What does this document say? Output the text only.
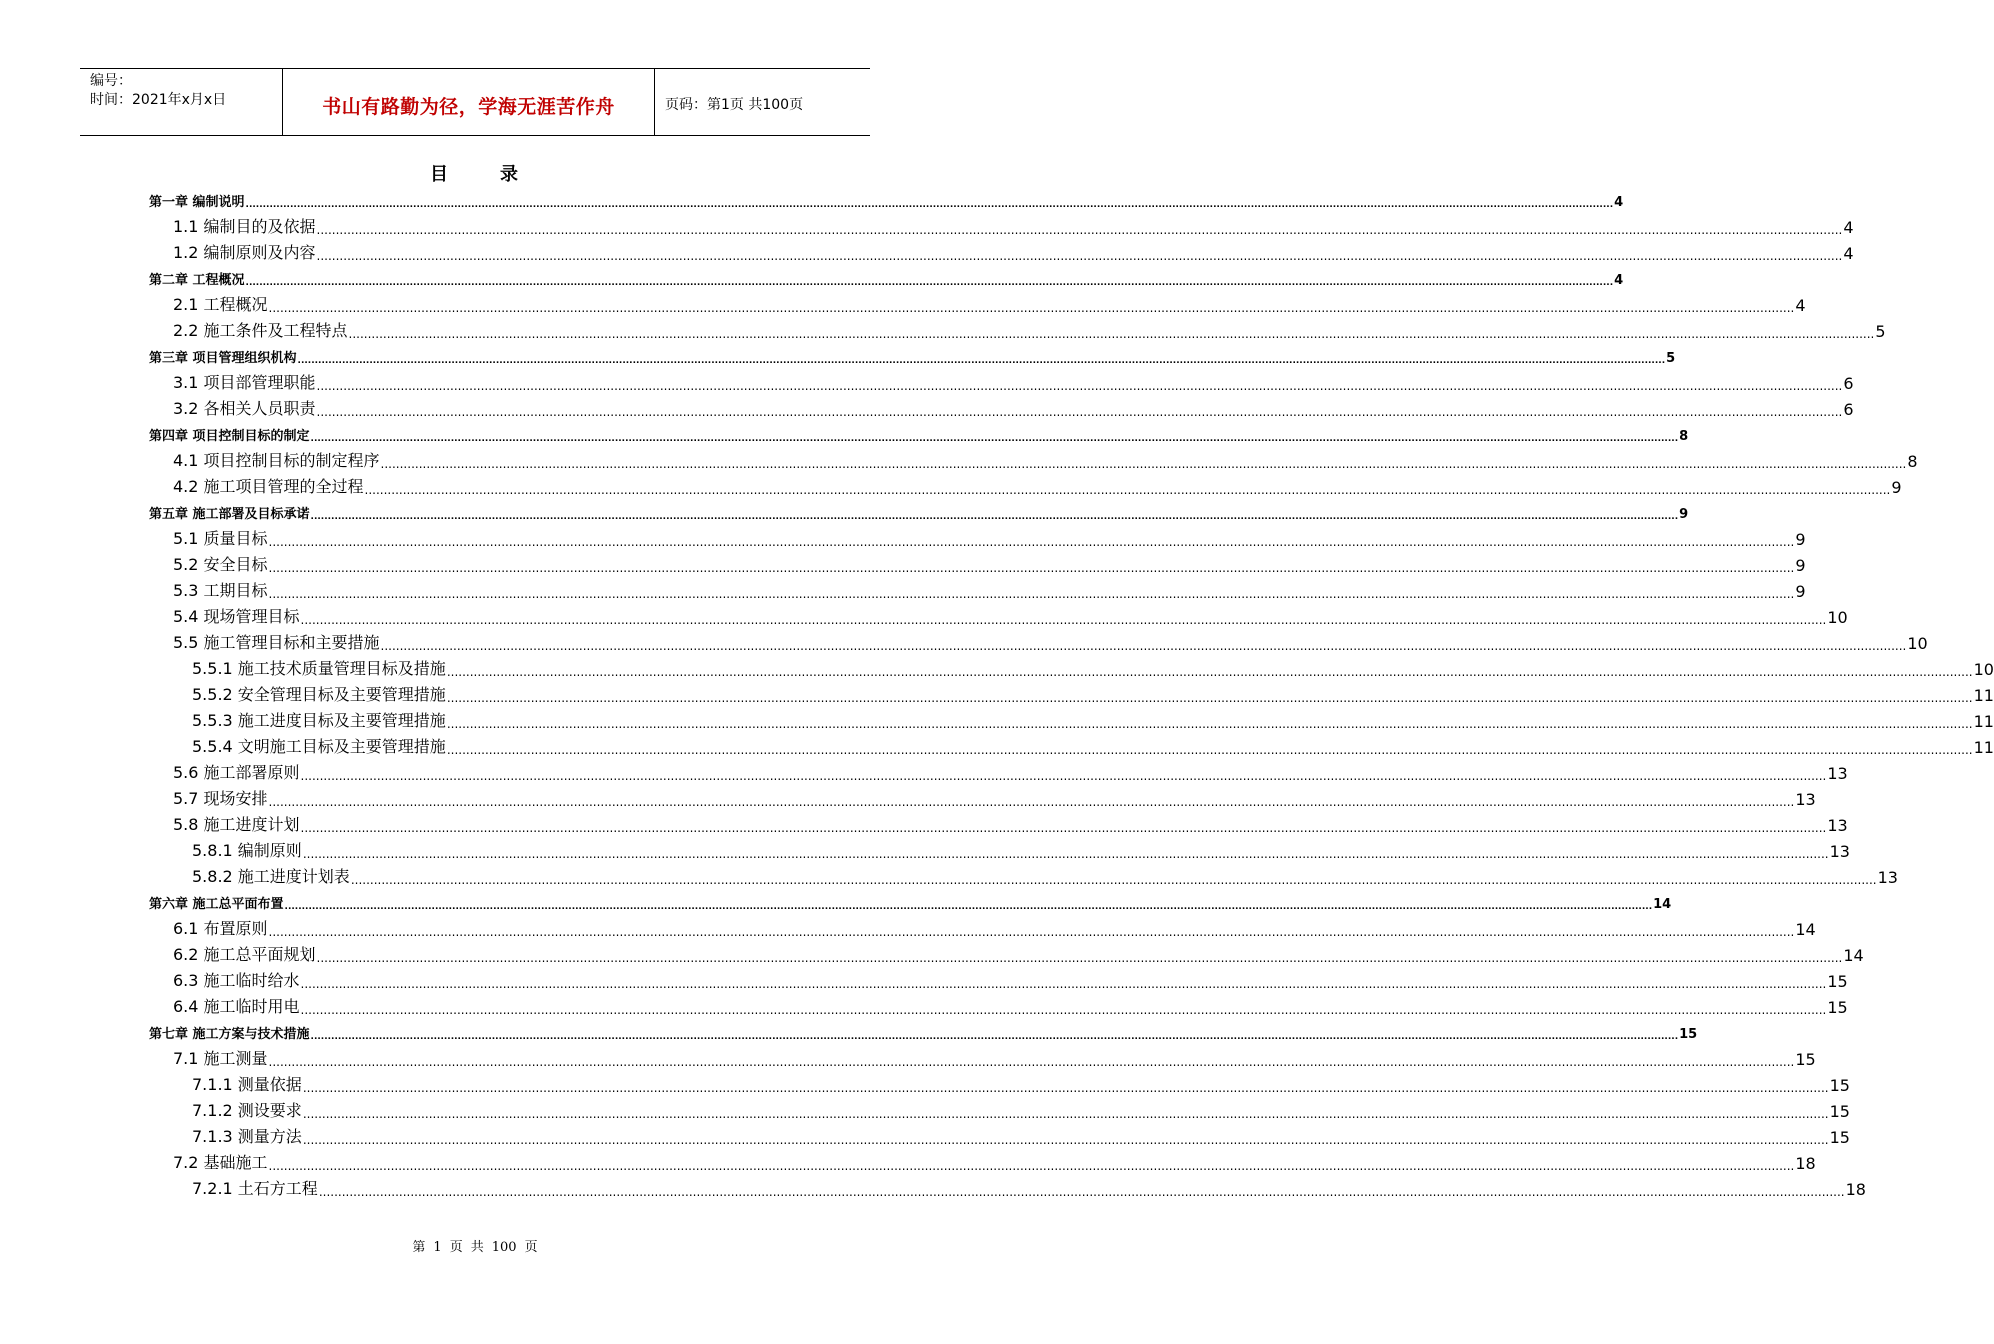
编号：
时间：2021年x月x日	书山有路勤为径，学海无涯苦作舟	页码：第1页 共100页
目	录
第一章 编制说明 ................................................................................................................................................................................................................................................................................................................................................................................................................ 4
1.1 编制目的及依据 ................................................................................................................................................................................................................................................................................................................................................................................................................ 4
1.2 编制原则及内容 ................................................................................................................................................................................................................................................................................................................................................................................................................ 4
第二章 工程概况 ................................................................................................................................................................................................................................................................................................................................................................................................................ 4
2.1 工程概况 ................................................................................................................................................................................................................................................................................................................................................................................................................ 4
2.2 施工条件及工程特点 ................................................................................................................................................................................................................................................................................................................................................................................................................ 5
第三章 项目管理组织机构 ................................................................................................................................................................................................................................................................................................................................................................................................................ 5
3.1 项目部管理职能 ................................................................................................................................................................................................................................................................................................................................................................................................................ 6
3.2 各相关人员职责 ................................................................................................................................................................................................................................................................................................................................................................................................................ 6
第四章 项目控制目标的制定 ................................................................................................................................................................................................................................................................................................................................................................................................................ 8
4.1 项目控制目标的制定程序 ................................................................................................................................................................................................................................................................................................................................................................................................................ 8
4.2 施工项目管理的全过程 ................................................................................................................................................................................................................................................................................................................................................................................................................ 9
第五章 施工部署及目标承诺 ................................................................................................................................................................................................................................................................................................................................................................................................................ 9
5.1 质量目标 ................................................................................................................................................................................................................................................................................................................................................................................................................ 9
5.2 安全目标 ................................................................................................................................................................................................................................................................................................................................................................................................................ 9
5.3 工期目标 ................................................................................................................................................................................................................................................................................................................................................................................................................ 9
5.4 现场管理目标 ................................................................................................................................................................................................................................................................................................................................................................................................................ 10
5.5 施工管理目标和主要措施 ................................................................................................................................................................................................................................................................................................................................................................................................................ 10
5.5.1 施工技术质量管理目标及措施 ................................................................................................................................................................................................................................................................................................................................................................................................................ 10
5.5.2 安全管理目标及主要管理措施 ................................................................................................................................................................................................................................................................................................................................................................................................................ 11
5.5.3 施工进度目标及主要管理措施 ................................................................................................................................................................................................................................................................................................................................................................................................................ 11
5.5.4 文明施工目标及主要管理措施 ................................................................................................................................................................................................................................................................................................................................................................................................................ 11
5.6 施工部署原则 ................................................................................................................................................................................................................................................................................................................................................................................................................ 13
5.7 现场安排 ................................................................................................................................................................................................................................................................................................................................................................................................................ 13
5.8 施工进度计划 ................................................................................................................................................................................................................................................................................................................................................................................................................ 13
5.8.1 编制原则 ................................................................................................................................................................................................................................................................................................................................................................................................................ 13
5.8.2 施工进度计划表 ................................................................................................................................................................................................................................................................................................................................................................................................................ 13
第六章 施工总平面布置 ................................................................................................................................................................................................................................................................................................................................................................................................................ 14
6.1 布置原则 ................................................................................................................................................................................................................................................................................................................................................................................................................ 14
6.2 施工总平面规划 ................................................................................................................................................................................................................................................................................................................................................................................................................ 14
6.3 施工临时给水 ................................................................................................................................................................................................................................................................................................................................................................................................................ 15
6.4 施工临时用电 ................................................................................................................................................................................................................................................................................................................................................................................................................ 15
第七章 施工方案与技术措施 ................................................................................................................................................................................................................................................................................................................................................................................................................ 15
7.1 施工测量 ................................................................................................................................................................................................................................................................................................................................................................................................................ 15
7.1.1 测量依据 ................................................................................................................................................................................................................................................................................................................................................................................................................ 15
7.1.2 测设要求 ................................................................................................................................................................................................................................................................................................................................................................................................................ 15
7.1.3 测量方法 ................................................................................................................................................................................................................................................................................................................................................................................................................ 15
7.2 基础施工 ................................................................................................................................................................................................................................................................................................................................................................................................................ 18
7.2.1 土石方工程 ................................................................................................................................................................................................................................................................................................................................................................................................................ 18
第 1 页 共 100 页
